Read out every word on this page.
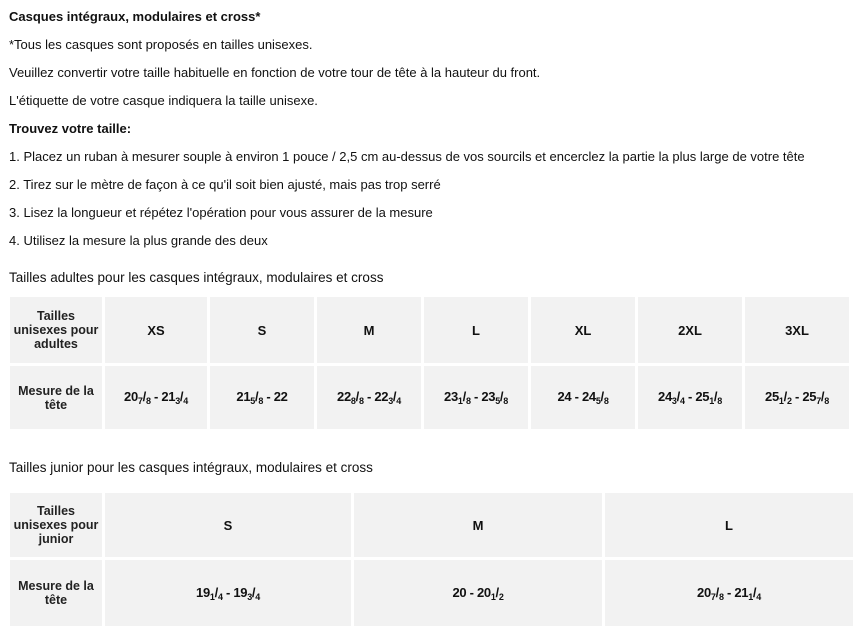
Casques intégraux, modulaires et cross*
*Tous les casques sont proposés en tailles unisexes.
Veuillez convertir votre taille habituelle en fonction de votre tour de tête à la hauteur du front.
L'étiquette de votre casque indiquera la taille unisexe.
Trouvez votre taille:
1. Placez un ruban à mesurer souple à environ 1 pouce / 2,5 cm au-dessus de vos sourcils et encerclez la partie la plus large de votre tête
2. Tirez sur le mètre de façon à ce qu'il soit bien ajusté, mais pas trop serré
3. Lisez la longueur et répétez l'opération pour vous assurer de la mesure
4. Utilisez la mesure la plus grande des deux
Tailles adultes pour les casques intégraux, modulaires et cross
Tailles unisexes pour adultes	XS	S	M	L	XL	2XL	3XL
Mesure de la tête	$20_7/_8 - 21_3/_4$	$21_5/_8 - 22$	$22_8/_8 - 22_3/_4$	$23_1/_8 - 23_5/_8$	$24 - 24_5/_8$	$24_3/_4 - 25_1/_8$	$25_1/_2 - 25_7/_8$
Tailles junior pour les casques intégraux, modulaires et cross
Tailles unisexes pour junior	S	M	L
Mesure de la tête	$19_1/_4 - 19_3/_4$	$20 - 20_1/_2$	$20_7/_8 - 21_1/_4$
